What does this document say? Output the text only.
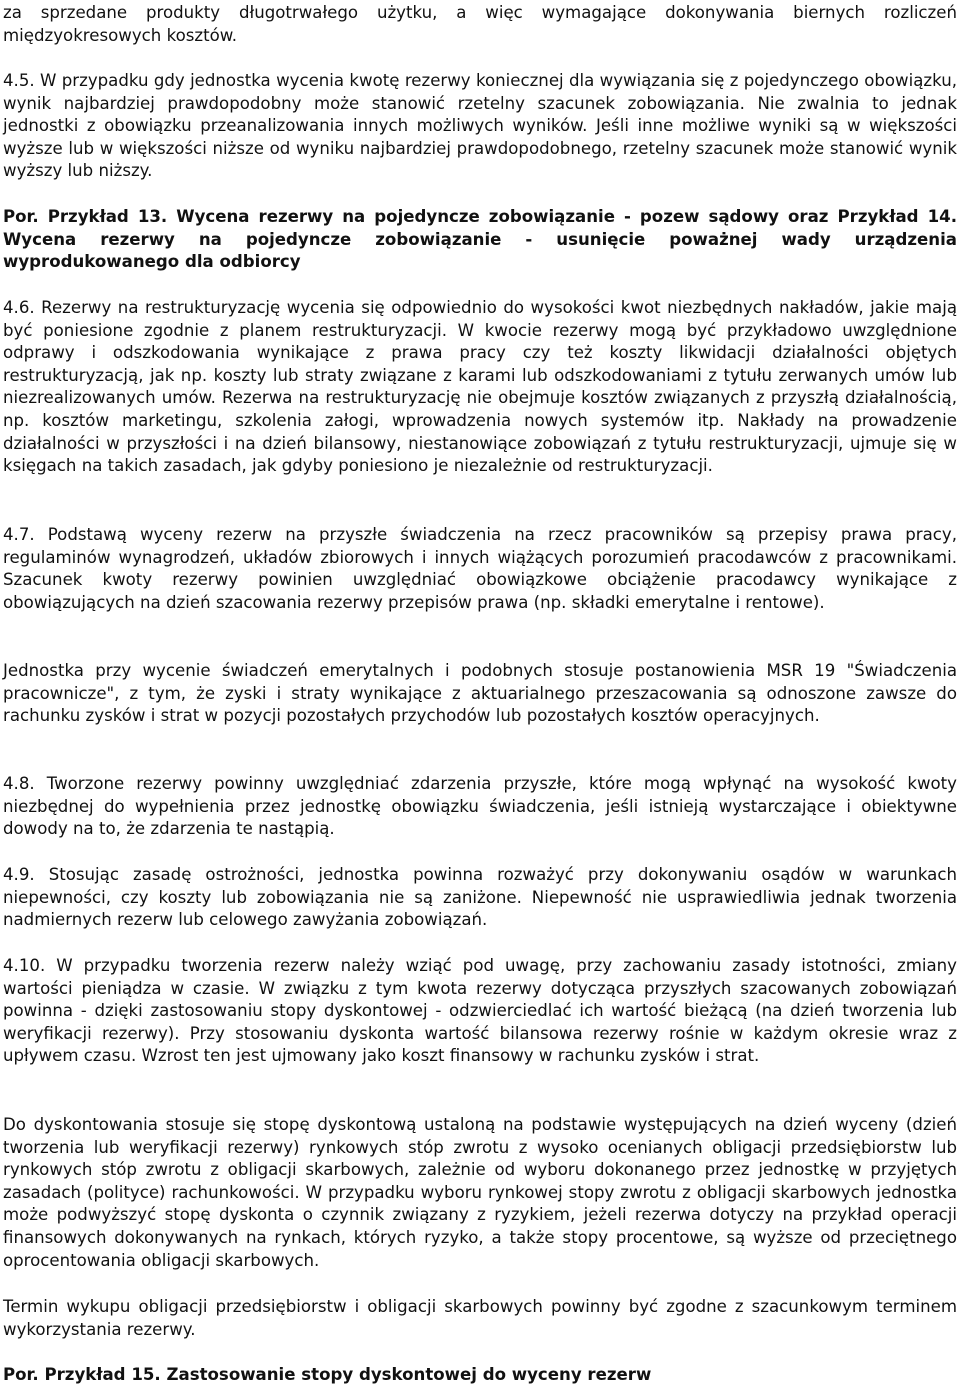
za sprzedane produkty długotrwałego użytku, a więc wymagające dokonywania biernych rozliczeń międzyokresowych kosztów.

4.5. W przypadku gdy jednostka wycenia kwotę rezerwy koniecznej dla wywiązania się z pojedynczego obowiązku, wynik najbardziej prawdopodobny może stanowić rzetelny szacunek zobowiązania. Nie zwalnia to jednak jednostki z obowiązku przeanalizowania innych możliwych wyników. Jeśli inne możliwe wyniki są w większości wyższe lub w większości niższe od wyniku najbardziej prawdopodobnego, rzetelny szacunek może stanowić wynik wyższy lub niższy.

Por. Przykład 13. Wycena rezerwy na pojedyncze zobowiązanie - pozew sądowy oraz Przykład 14. Wycena rezerwy na pojedyncze zobowiązanie - usunięcie poważnej wady urządzenia wyprodukowanego dla odbiorcy

4.6. Rezerwy na restrukturyzację wycenia się odpowiednio do wysokości kwot niezbędnych nakładów, jakie mają być poniesione zgodnie z planem restrukturyzacji. W kwocie rezerwy mogą być przykładowo uwzględnione odprawy i odszkodowania wynikające z prawa pracy czy też koszty likwidacji działalności objętych restrukturyzacją, jak np. koszty lub straty związane z karami lub odszkodowaniami z tytułu zerwanych umów lub niezrealizowanych umów. Rezerwa na restrukturyzację nie obejmuje kosztów związanych z przyszłą działalnością, np. kosztów marketingu, szkolenia załogi, wprowadzenia nowych systemów itp. Nakłady na prowadzenie działalności w przyszłości i na dzień bilansowy, niestanowiące zobowiązań z tytułu restrukturyzacji, ujmuje się w księgach na takich zasadach, jak gdyby poniesiono je niezależnie od restrukturyzacji.

4.7. Podstawą wyceny rezerw na przyszłe świadczenia na rzecz pracowników są przepisy prawa pracy, regulaminów wynagrodzeń, układów zbiorowych i innych wiążących porozumień pracodawców z pracownikami. Szacunek kwoty rezerwy powinien uwzględniać obowiązkowe obciążenie pracodawcy wynikające z obowiązujących na dzień szacowania rezerwy przepisów prawa (np. składki emerytalne i rentowe).

Jednostka przy wycenie świadczeń emerytalnych i podobnych stosuje postanowienia MSR 19 "Świadczenia pracownicze", z tym, że zyski i straty wynikające z aktuarialnego przeszacowania są odnoszone zawsze do rachunku zysków i strat w pozycji pozostałych przychodów lub pozostałych kosztów operacyjnych.

4.8. Tworzone rezerwy powinny uwzględniać zdarzenia przyszłe, które mogą wpłynąć na wysokość kwoty niezbędnej do wypełnienia przez jednostkę obowiązku świadczenia, jeśli istnieją wystarczające i obiektywne dowody na to, że zdarzenia te nastąpią.

4.9. Stosując zasadę ostrożności, jednostka powinna rozważyć przy dokonywaniu osądów w warunkach niepewności, czy koszty lub zobowiązania nie są zaniżone. Niepewność nie usprawiedliwia jednak tworzenia nadmiernych rezerw lub celowego zawyżania zobowiązań.

4.10. W przypadku tworzenia rezerw należy wziąć pod uwagę, przy zachowaniu zasady istotności, zmiany wartości pieniądza w czasie. W związku z tym kwota rezerwy dotycząca przyszłych szacowanych zobowiązań powinna - dzięki zastosowaniu stopy dyskontowej - odzwierciedlać ich wartość bieżącą (na dzień tworzenia lub weryfikacji rezerwy). Przy stosowaniu dyskonta wartość bilansowa rezerwy rośnie w każdym okresie wraz z upływem czasu. Wzrost ten jest ujmowany jako koszt finansowy w rachunku zysków i strat.

Do dyskontowania stosuje się stopę dyskontową ustaloną na podstawie występujących na dzień wyceny (dzień tworzenia lub weryfikacji rezerwy) rynkowych stóp zwrotu z wysoko ocenianych obligacji przedsiębiorstw lub rynkowych stóp zwrotu z obligacji skarbowych, zależnie od wyboru dokonanego przez jednostkę w przyjętych zasadach (polityce) rachunkowości. W przypadku wyboru rynkowej stopy zwrotu z obligacji skarbowych jednostka może podwyższyć stopę dyskonta o czynnik związany z ryzykiem, jeżeli rezerwa dotyczy na przykład operacji finansowych dokonywanych na rynkach, których ryzyko, a także stopy procentowe, są wyższe od przeciętnego oprocentowania obligacji skarbowych.

Termin wykupu obligacji przedsiębiorstw i obligacji skarbowych powinny być zgodne z szacunkowym terminem wykorzystania rezerwy.

Por. Przykład 15. Zastosowanie stopy dyskontowej do wyceny rezerw
